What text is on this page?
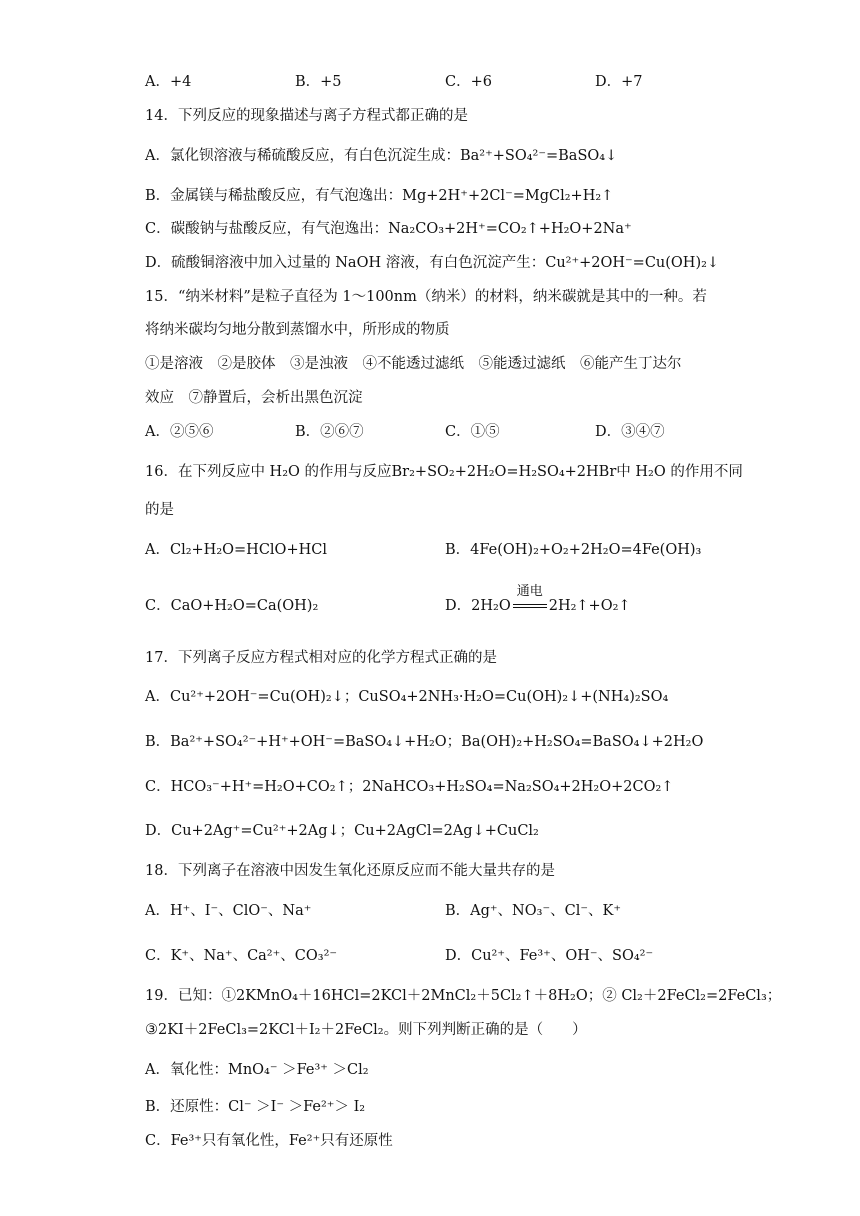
A．+4	B．+5	C．+6	D．+7
14．下列反应的现象描述与离子方程式都正确的是
A．氯化钡溶液与稀硫酸反应，有白色沉淀生成：Ba²⁺+SO₄²⁻=BaSO₄↓
B．金属镁与稀盐酸反应，有气泡逸出：Mg+2H⁺+2Cl⁻=MgCl₂+H₂↑
C．碳酸钠与盐酸反应，有气泡逸出：Na₂CO₃+2H⁺=CO₂↑+H₂O+2Na⁺
D．硫酸铜溶液中加入过量的 NaOH 溶液，有白色沉淀产生：Cu²⁺+2OH⁻=Cu(OH)₂↓
15．“纳米材料”是粒子直径为 1～100nm（纳米）的材料，纳米碳就是其中的一种。若
将纳米碳均匀地分散到蒸馏水中，所形成的物质
①是溶液　②是胶体　③是浊液　④不能透过滤纸　⑤能透过滤纸　⑥能产生丁达尔
效应　⑦静置后，会析出黑色沉淀
A．②⑤⑥	B．②⑥⑦	C．①⑤	D．③④⑦
16．在下列反应中 H₂O 的作用与反应Br₂+SO₂+2H₂O=H₂SO₄+2HBr中 H₂O 的作用不同
的是
A．Cl₂+H₂O=HClO+HCl	B．4Fe(OH)₂+O₂+2H₂O=4Fe(OH)₃
C．CaO+H₂O=Ca(OH)₂	D．2H₂O
通电
2H₂↑+O₂↑
17．下列离子反应方程式相对应的化学方程式正确的是
A．Cu²⁺+2OH⁻=Cu(OH)₂↓；CuSO₄+2NH₃·H₂O=Cu(OH)₂↓+(NH₄)₂SO₄
B．Ba²⁺+SO₄²⁻+H⁺+OH⁻=BaSO₄↓+H₂O；Ba(OH)₂+H₂SO₄=BaSO₄↓+2H₂O
C．HCO₃⁻+H⁺=H₂O+CO₂↑；2NaHCO₃+H₂SO₄=Na₂SO₄+2H₂O+2CO₂↑
D．Cu+2Ag⁺=Cu²⁺+2Ag↓；Cu+2AgCl=2Ag↓+CuCl₂
18．下列离子在溶液中因发生氧化还原反应而不能大量共存的是
A．H⁺、I⁻、ClO⁻、Na⁺	B．Ag⁺、NO₃⁻、Cl⁻、K⁺
C．K⁺、Na⁺、Ca²⁺、CO₃²⁻	D．Cu²⁺、Fe³⁺、OH⁻、SO₄²⁻
19．已知：①2KMnO₄＋16HCl=2KCl＋2MnCl₂＋5Cl₂↑＋8H₂O；② Cl₂＋2FeCl₂=2FeCl₃；
③2KI＋2FeCl₃=2KCl＋I₂＋2FeCl₂。则下列判断正确的是（　　）
A．氧化性：MnO₄⁻ ＞Fe³⁺ ＞Cl₂
B．还原性：Cl⁻ ＞I⁻ ＞Fe²⁺＞ I₂
C．Fe³⁺只有氧化性，Fe²⁺只有还原性
